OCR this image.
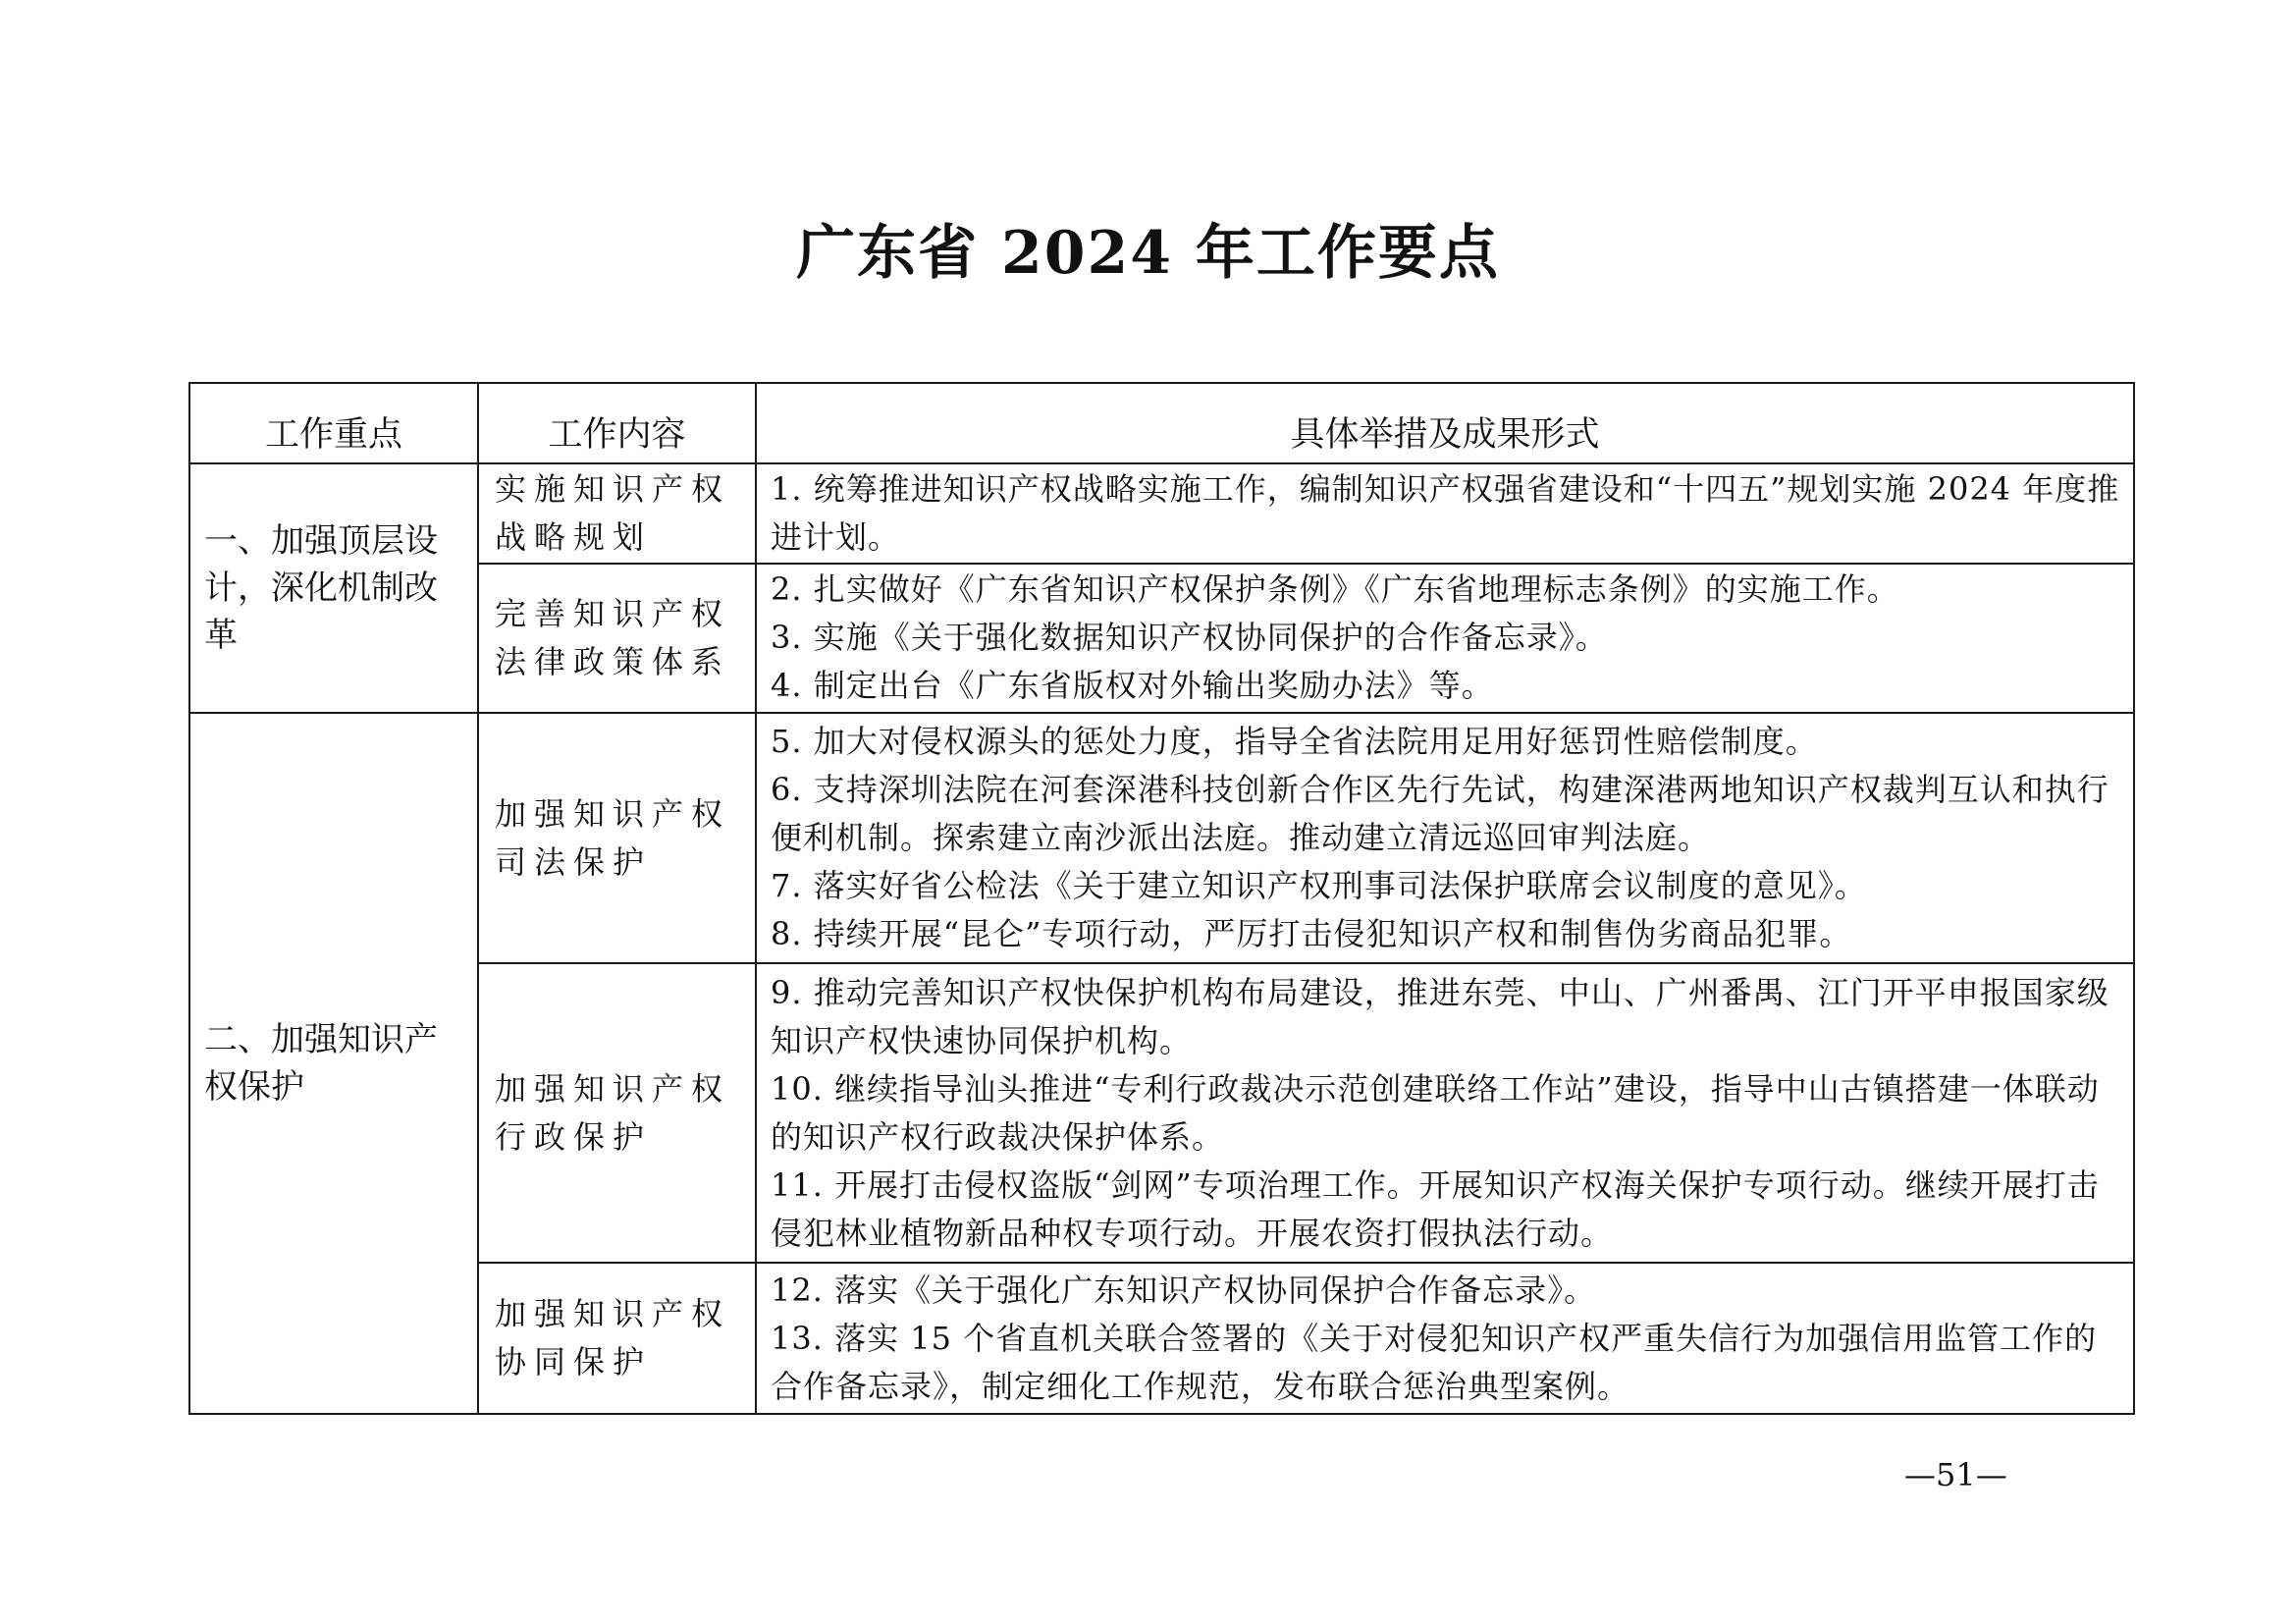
广东省 2024 年工作要点
工作重点	工作内容	具体举措及成果形式
一、加强顶层设计，深化机制改革	实施知识产权战略规划	1. 统筹推进知识产权战略实施工作，编制知识产权强省建设和“十四五”规划实施 2024 年度推进计划。

	完善知识产权法律政策体系	2. 扎实做好《广东省知识产权保护条例》《广东省地理标志条例》的实施工作。
3. 实施《关于强化数据知识产权协同保护的合作备忘录》。
4. 制定出台《广东省版权对外输出奖励办法》等。

二、加强知识产权保护	加强知识产权司法保护	5. 加大对侵权源头的惩处力度，指导全省法院用足用好惩罚性赔偿制度。
6. 支持深圳法院在河套深港科技创新合作区先行先试，构建深港两地知识产权裁判互认和执行便利机制。探索建立南沙派出法庭。推动建立清远巡回审判法庭。
7. 落实好省公检法《关于建立知识产权刑事司法保护联席会议制度的意见》。
8. 持续开展“昆仑”专项行动，严厉打击侵犯知识产权和制售伪劣商品犯罪。

	加强知识产权行政保护	9. 推动完善知识产权快保护机构布局建设，推进东莞、中山、广州番禺、江门开平申报国家级知识产权快速协同保护机构。
10. 继续指导汕头推进“专利行政裁决示范创建联络工作站”建设，指导中山古镇搭建一体联动的知识产权行政裁决保护体系。
11. 开展打击侵权盗版“剑网”专项治理工作。开展知识产权海关保护专项行动。继续开展打击侵犯林业植物新品种权专项行动。开展农资打假执法行动。

	加强知识产权协同保护	12. 落实《关于强化广东知识产权协同保护合作备忘录》。
13. 落实 15 个省直机关联合签署的《关于对侵犯知识产权严重失信行为加强信用监管工作的合作备忘录》，制定细化工作规范，发布联合惩治典型案例。

—51—
